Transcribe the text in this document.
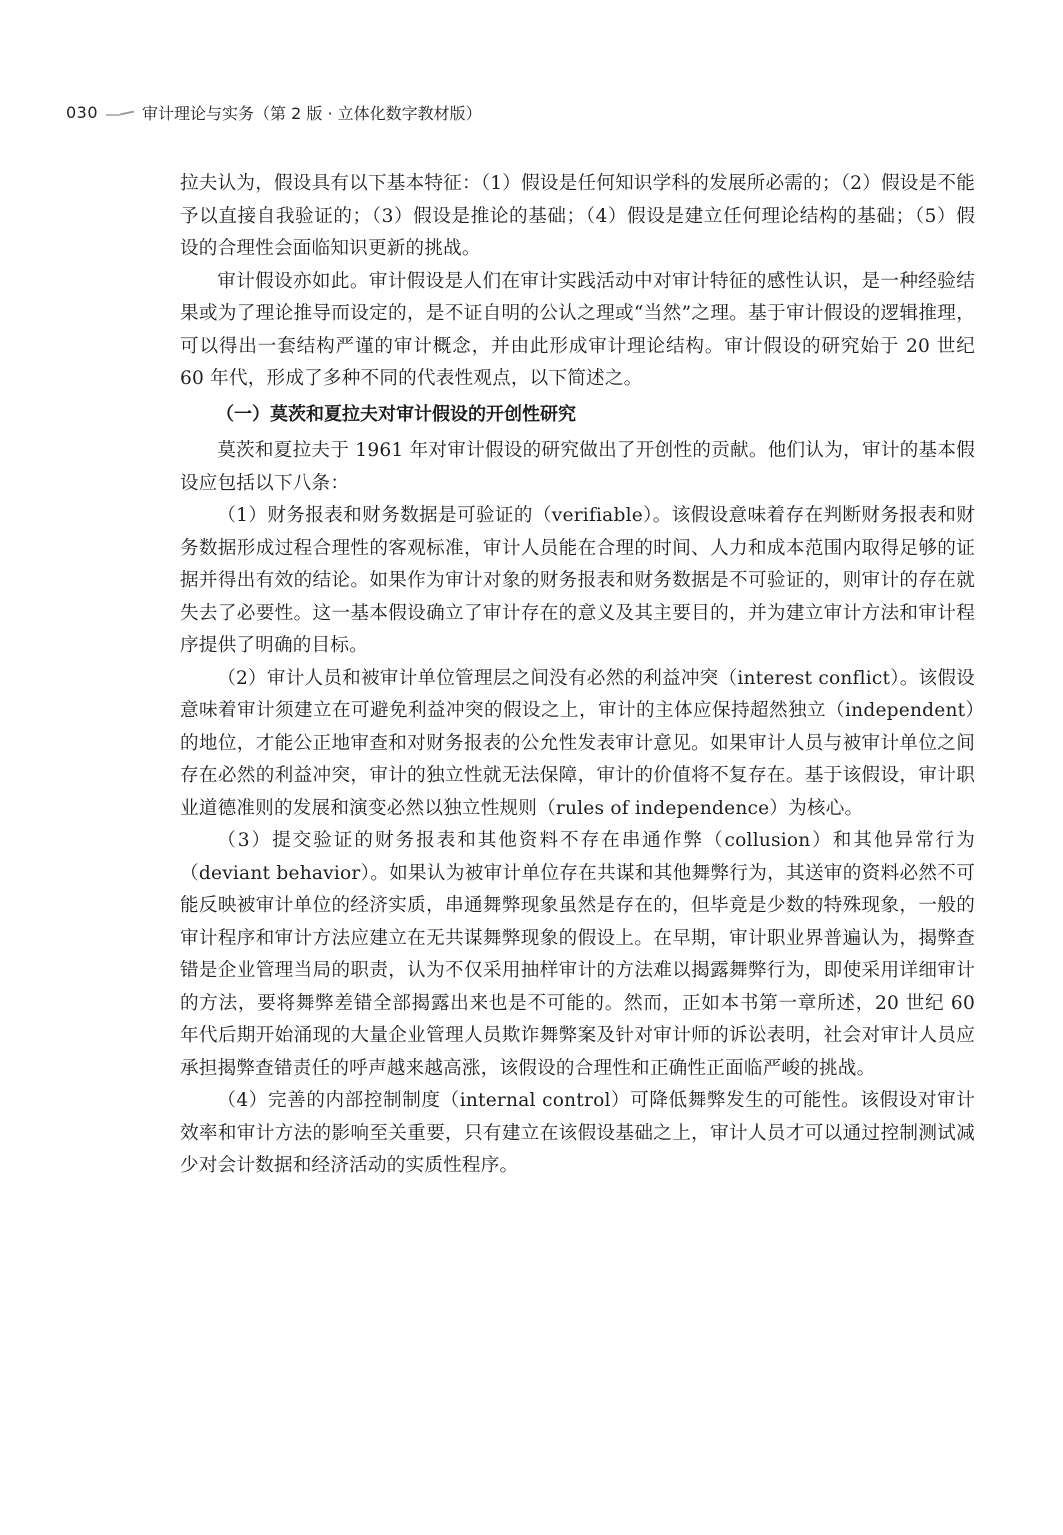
030	审计理论与实务（第 2 版 · 立体化数字教材版）

拉夫认为，假设具有以下基本特征：（1）假设是任何知识学科的发展所必需的；（2）假设是不能予以直接自我验证的；（3）假设是推论的基础；（4）假设是建立任何理论结构的基础；（5）假设的合理性会面临知识更新的挑战。

审计假设亦如此。审计假设是人们在审计实践活动中对审计特征的感性认识，是一种经验结果或为了理论推导而设定的，是不证自明的公认之理或“当然”之理。基于审计假设的逻辑推理，可以得出一套结构严谨的审计概念，并由此形成审计理论结构。审计假设的研究始于 20 世纪 60 年代，形成了多种不同的代表性观点，以下简述之。

（一）莫茨和夏拉夫对审计假设的开创性研究

莫茨和夏拉夫于 1961 年对审计假设的研究做出了开创性的贡献。他们认为，审计的基本假设应包括以下八条：

（1）财务报表和财务数据是可验证的（verifiable）。该假设意味着存在判断财务报表和财务数据形成过程合理性的客观标准，审计人员能在合理的时间、人力和成本范围内取得足够的证据并得出有效的结论。如果作为审计对象的财务报表和财务数据是不可验证的，则审计的存在就失去了必要性。这一基本假设确立了审计存在的意义及其主要目的，并为建立审计方法和审计程序提供了明确的目标。

（2）审计人员和被审计单位管理层之间没有必然的利益冲突（interest conflict）。该假设意味着审计须建立在可避免利益冲突的假设之上，审计的主体应保持超然独立（independent）的地位，才能公正地审查和对财务报表的公允性发表审计意见。如果审计人员与被审计单位之间存在必然的利益冲突，审计的独立性就无法保障，审计的价值将不复存在。基于该假设，审计职业道德准则的发展和演变必然以独立性规则（rules of independence）为核心。

（3）提交验证的财务报表和其他资料不存在串通作弊（collusion）和其他异常行为（deviant behavior）。如果认为被审计单位存在共谋和其他舞弊行为，其送审的资料必然不可能反映被审计单位的经济实质，串通舞弊现象虽然是存在的，但毕竟是少数的特殊现象，一般的审计程序和审计方法应建立在无共谋舞弊现象的假设上。在早期，审计职业界普遍认为，揭弊查错是企业管理当局的职责，认为不仅采用抽样审计的方法难以揭露舞弊行为，即使采用详细审计的方法，要将舞弊差错全部揭露出来也是不可能的。然而，正如本书第一章所述，20 世纪 60 年代后期开始涌现的大量企业管理人员欺诈舞弊案及针对审计师的诉讼表明，社会对审计人员应承担揭弊查错责任的呼声越来越高涨，该假设的合理性和正确性正面临严峻的挑战。

（4）完善的内部控制制度（internal control）可降低舞弊发生的可能性。该假设对审计效率和审计方法的影响至关重要，只有建立在该假设基础之上，审计人员才可以通过控制测试减少对会计数据和经济活动的实质性程序。
